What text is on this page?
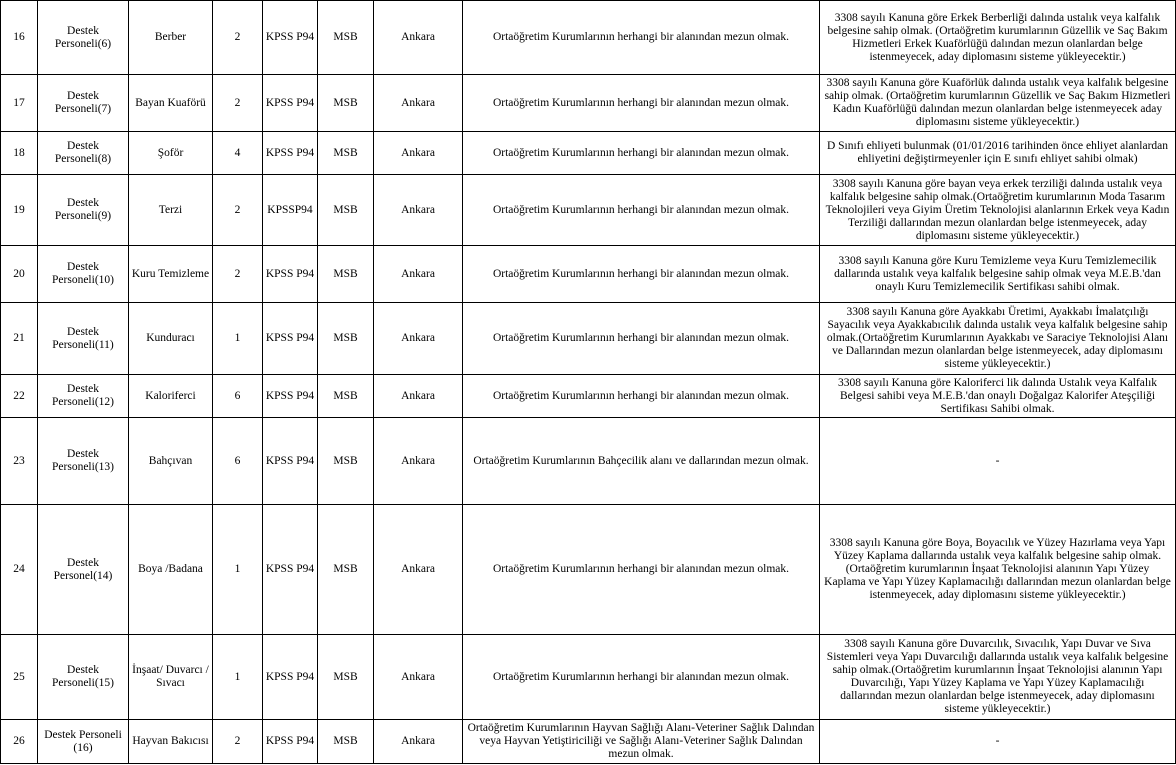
16	Destek Personeli(6)	Berber	2	KPSS P94	MSB	Ankara	Ortaöğretim Kurumlarının herhangi bir alanından mezun olmak.	3308 sayılı Kanuna göre Erkek Berberliği dalında ustalık veya kalfalık belgesine sahip olmak. (Ortaöğretim kurumlarının Güzellik ve Saç Bakım Hizmetleri Erkek Kuaförlüğü dalından mezun olanlardan belge istenmeyecek, aday diplomasını sisteme yükleyecektir.)
17	Destek Personeli(7)	Bayan Kuaförü	2	KPSS P94	MSB	Ankara	Ortaöğretim Kurumlarının herhangi bir alanından mezun olmak.	3308 sayılı Kanuna göre Kuaförlük dalında ustalık veya kalfalık belgesine sahip olmak. (Ortaöğretim kurumlarının Güzellik ve Saç Bakım Hizmetleri Kadın Kuaförlüğü dalından mezun olanlardan belge istenmeyecek aday diplomasını sisteme yükleyecektir.)
18	Destek Personeli(8)	Şoför	4	KPSS P94	MSB	Ankara	Ortaöğretim Kurumlarının herhangi bir alanından mezun olmak.	D Sınıfı ehliyeti bulunmak (01/01/2016 tarihinden önce ehliyet alanlardan ehliyetini değiştirmeyenler için E sınıfı ehliyet sahibi olmak)
19	Destek Personeli(9)	Terzi	2	KPSSP94	MSB	Ankara	Ortaöğretim Kurumlarının herhangi bir alanından mezun olmak.	3308 sayılı Kanuna göre bayan veya erkek terziliği dalında ustalık veya kalfalık belgesine sahip olmak.(Ortaöğretim kurumlarının Moda Tasarım Teknolojileri veya Giyim Üretim Teknolojisi alanlarının Erkek veya Kadın Terziliği dallarından mezun olanlardan belge istenmeyecek, aday diplomasını sisteme yükleyecektir.)
20	Destek Personeli(10)	Kuru Temizleme	2	KPSS P94	MSB	Ankara	Ortaöğretim Kurumlarının herhangi bir alanından mezun olmak.	3308 sayılı Kanuna göre Kuru Temizleme veya Kuru Temizlemecilik dallarında ustalık veya kalfalık belgesine sahip olmak veya M.E.B.'dan onaylı Kuru Temizlemecilik Sertifikası sahibi olmak.
21	Destek Personeli(11)	Kunduracı	1	KPSS P94	MSB	Ankara	Ortaöğretim Kurumlarının herhangi bir alanından mezun olmak.	3308 sayılı Kanuna göre Ayakkabı Üretimi, Ayakkabı İmalatçılığı Sayacılık veya Ayakkabıcılık dalında ustalık veya kalfalık belgesine sahip olmak.(Ortaöğretim Kurumlarının Ayakkabı ve Saraciye Teknolojisi Alanı ve Dallarından mezun olanlardan belge istenmeyecek, aday diplomasını sisteme yükleyecektir.)
22	Destek Personeli(12)	Kaloriferci	6	KPSS P94	MSB	Ankara	Ortaöğretim Kurumlarının herhangi bir alanından mezun olmak.	3308 sayılı Kanuna göre Kaloriferci lik dalında Ustalık veya Kalfalık Belgesi sahibi veya M.E.B.'dan onaylı Doğalgaz Kalorifer Ateşçiliği Sertifikası Sahibi olmak.
23	Destek Personeli(13)	Bahçıvan	6	KPSS P94	MSB	Ankara	Ortaöğretim Kurumlarının Bahçecilik alanı ve dallarından mezun olmak.	-
24	Destek Personel(14)	Boya /Badana	1	KPSS P94	MSB	Ankara	Ortaöğretim Kurumlarının herhangi bir alanından mezun olmak.	3308 sayılı Kanuna göre Boya, Boyacılık ve Yüzey Hazırlama veya Yapı Yüzey Kaplama dallarında ustalık veya kalfalık belgesine sahip olmak. (Ortaöğretim kurumlarının İnşaat Teknolojisi alanının Yapı Yüzey Kaplama ve Yapı Yüzey Kaplamacılığı dallarından mezun olanlardan belge istenmeyecek, aday diplomasını sisteme yükleyecektir.)
25	Destek Personeli(15)	İnşaat/ Duvarcı / Sıvacı	1	KPSS P94	MSB	Ankara	Ortaöğretim Kurumlarının herhangi bir alanından mezun olmak.	3308 sayılı Kanuna göre Duvarcılık, Sıvacılık, Yapı Duvar ve Sıva Sistemleri veya Yapı Duvarcılığı dallarında ustalık veya kalfalık belgesine sahip olmak.(Ortaöğretim kurumlarının İnşaat Teknolojisi alanının Yapı Duvarcılığı, Yapı Yüzey Kaplama ve Yapı Yüzey Kaplamacılığı dallarından mezun olanlardan belge istenmeyecek, aday diplomasını sisteme yükleyecektir.)
26	Destek Personeli (16)	Hayvan Bakıcısı	2	KPSS P94	MSB	Ankara	Ortaöğretim Kurumlarının Hayvan Sağlığı Alanı-Veteriner Sağlık Dalından veya Hayvan Yetiştiriciliği ve Sağlığı Alanı-Veteriner Sağlık Dalından mezun olmak.	-
